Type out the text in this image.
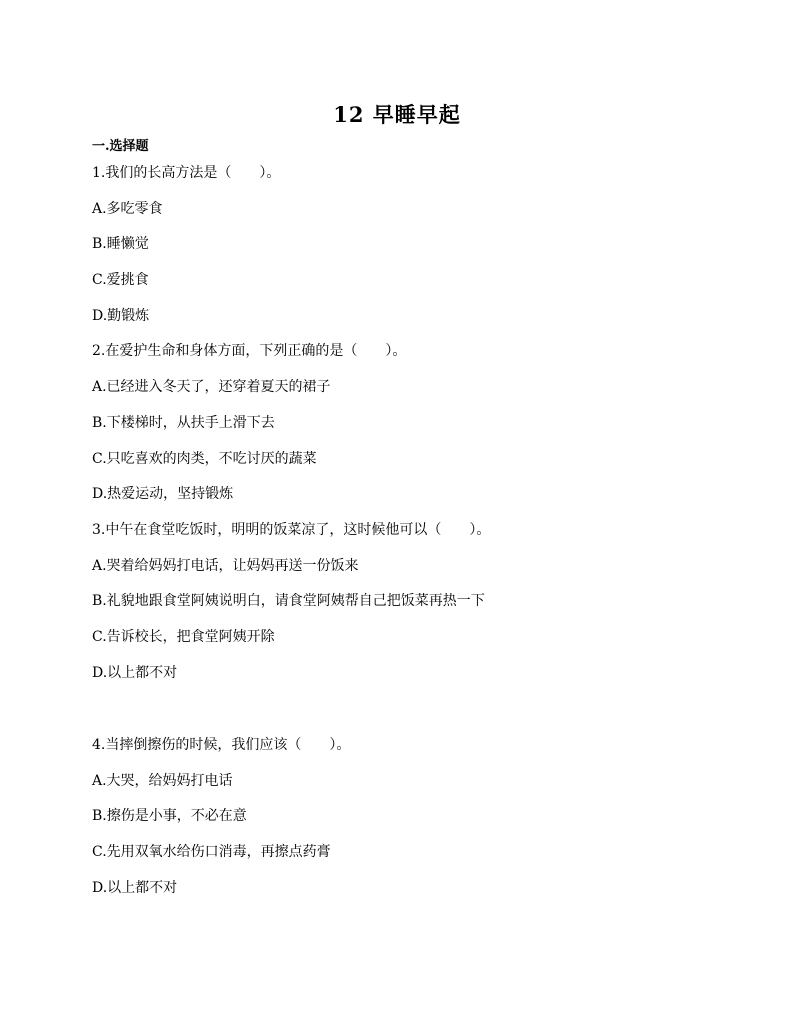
12 早睡早起
一.选择题
1.我们的长高方法是（　　）。
A.多吃零食
B.睡懒觉
C.爱挑食
D.勤锻炼
2.在爱护生命和身体方面，下列正确的是（　　）。
A.已经进入冬天了，还穿着夏天的裙子
B.下楼梯时，从扶手上滑下去
C.只吃喜欢的肉类，不吃讨厌的蔬菜
D.热爱运动，坚持锻炼
3.中午在食堂吃饭时，明明的饭菜凉了，这时候他可以（　　）。
A.哭着给妈妈打电话，让妈妈再送一份饭来
B.礼貌地跟食堂阿姨说明白，请食堂阿姨帮自己把饭菜再热一下
C.告诉校长，把食堂阿姨开除
D.以上都不对
4.当摔倒擦伤的时候，我们应该（　　）。
A.大哭，给妈妈打电话
B.擦伤是小事，不必在意
C.先用双氧水给伤口消毒，再擦点药膏
D.以上都不对
